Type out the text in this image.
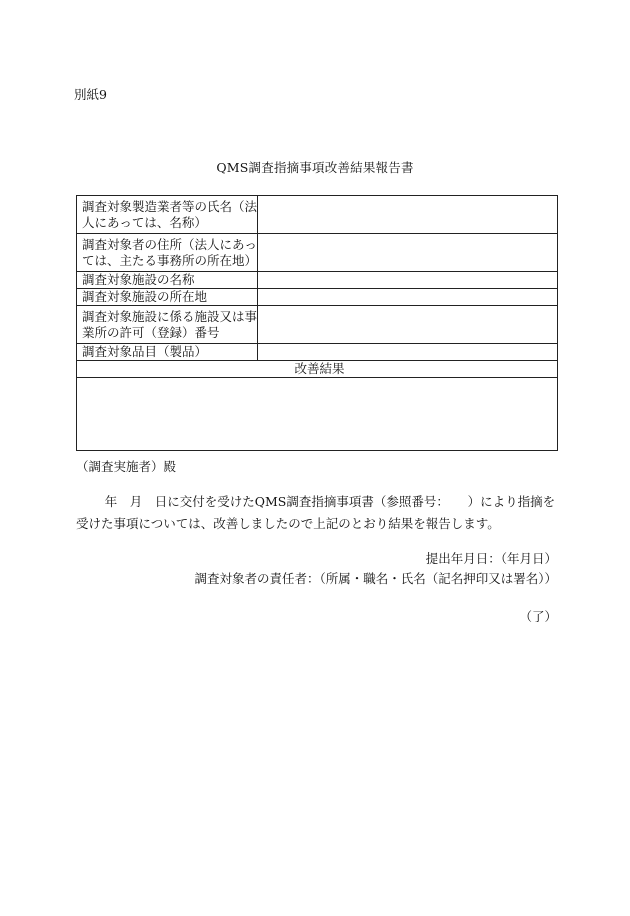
別紙9
QMS調査指摘事項改善結果報告書
調査対象製造業者等の氏名（法人にあっては、名称）	
調査対象者の住所（法人にあっては、主たる事務所の所在地）	
調査対象施設の名称	
調査対象施設の所在地	
調査対象施設に係る施設又は事業所の許可（登録）番号	
調査対象品目（製品）	
改善結果	

（調査実施者）殿
年　月　日に交付を受けたQMS調査指摘事項書（参照番号：　　）により指摘を受けた事項については、改善しましたので上記のとおり結果を報告します。
提出年月日：（年月日）
調査対象者の責任者：（所属・職名・氏名（記名押印又は署名））
（了）
